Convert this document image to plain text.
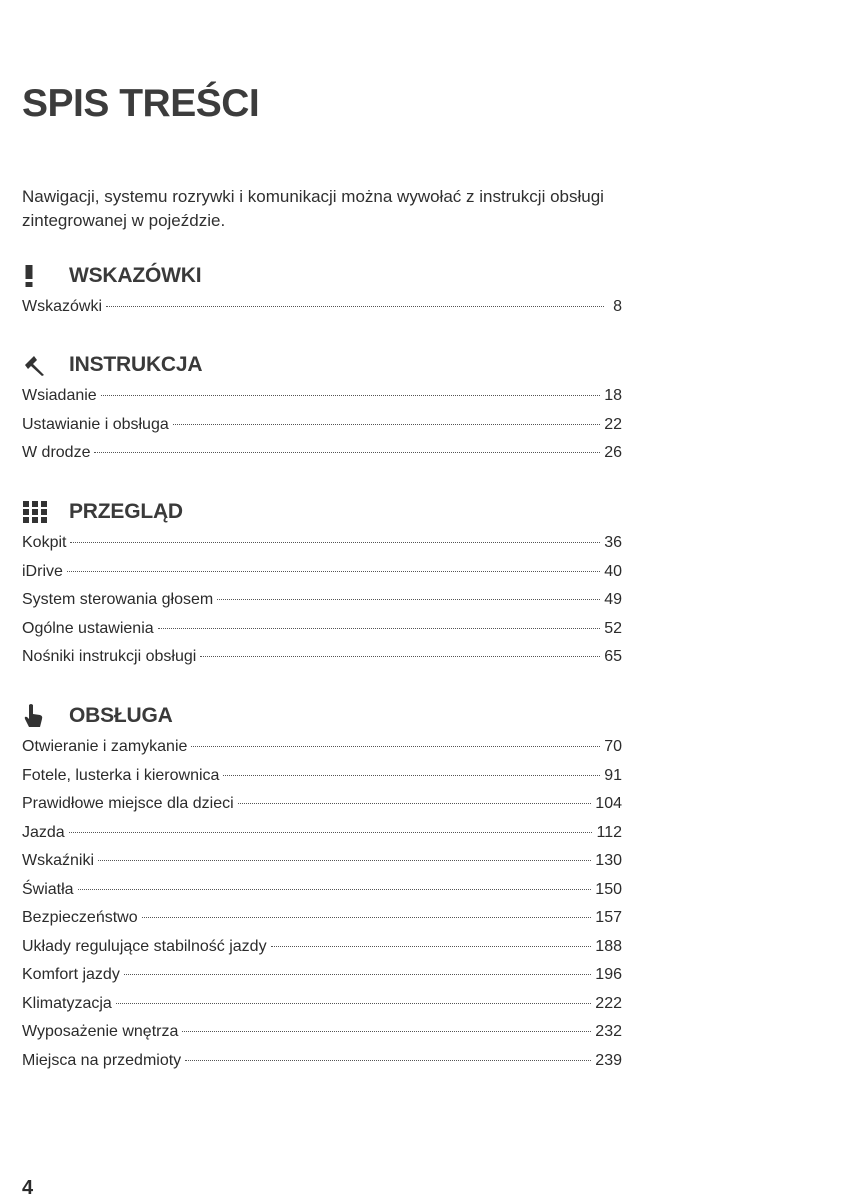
SPIS TREŚCI

Nawigacji, systemu rozrywki i komunikacji można wywołać z instrukcji obsługi zintegrowanej w pojeździe.

WSKAZÓWKI
Wskazówki	8
INSTRUKCJA
Wsiadanie	18
Ustawianie i obsługa	22
W drodze	26
PRZEGLĄD
Kokpit	36
iDrive	40
System sterowania głosem	49
Ogólne ustawienia	52
Nośniki instrukcji obsługi	65
OBSŁUGA
Otwieranie i zamykanie	70
Fotele, lusterka i kierownica	91
Prawidłowe miejsce dla dzieci	104
Jazda	112
Wskaźniki	130
Światła	150
Bezpieczeństwo	157
Układy regulujące stabilność jazdy	188
Komfort jazdy	196
Klimatyzacja	222
Wyposażenie wnętrza	232
Miejsca na przedmioty	239
4
